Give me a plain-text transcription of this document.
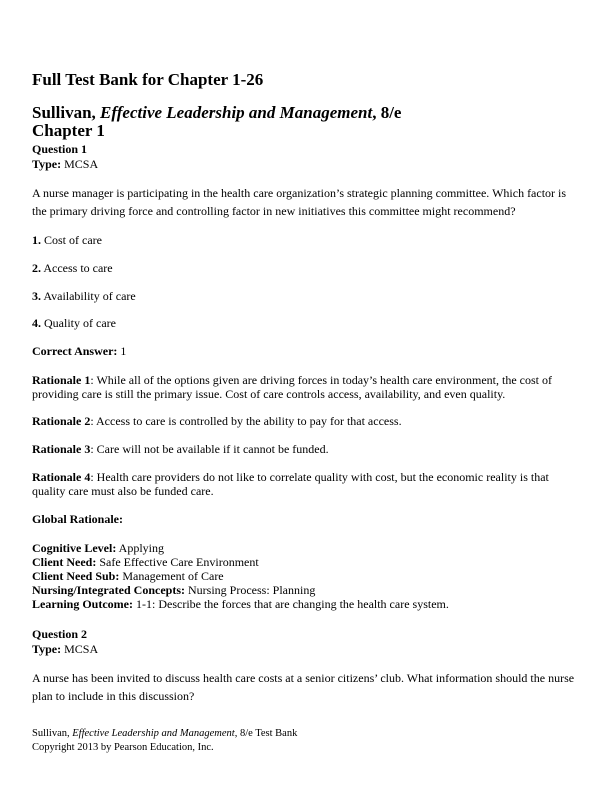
Full Test Bank for Chapter 1-26
Sullivan, Effective Leadership and Management, 8/e
Chapter 1
Question 1
Type: MCSA
A nurse manager is participating in the health care organization’s strategic planning committee. Which factor is the primary driving force and controlling factor in new initiatives this committee might recommend?
1. Cost of care
2. Access to care
3. Availability of care
4. Quality of care
Correct Answer: 1
Rationale 1: While all of the options given are driving forces in today’s health care environment, the cost of providing care is still the primary issue. Cost of care controls access, availability, and even quality.
Rationale 2: Access to care is controlled by the ability to pay for that access.
Rationale 3: Care will not be available if it cannot be funded.
Rationale 4: Health care providers do not like to correlate quality with cost, but the economic reality is that quality care must also be funded care.
Global Rationale:
Cognitive Level: Applying
Client Need: Safe Effective Care Environment
Client Need Sub: Management of Care
Nursing/Integrated Concepts: Nursing Process: Planning
Learning Outcome: 1-1: Describe the forces that are changing the health care system.
Question 2
Type: MCSA
A nurse has been invited to discuss health care costs at a senior citizens’ club. What information should the nurse plan to include in this discussion?
Sullivan, Effective Leadership and Management, 8/e Test Bank
Copyright 2013 by Pearson Education, Inc.
